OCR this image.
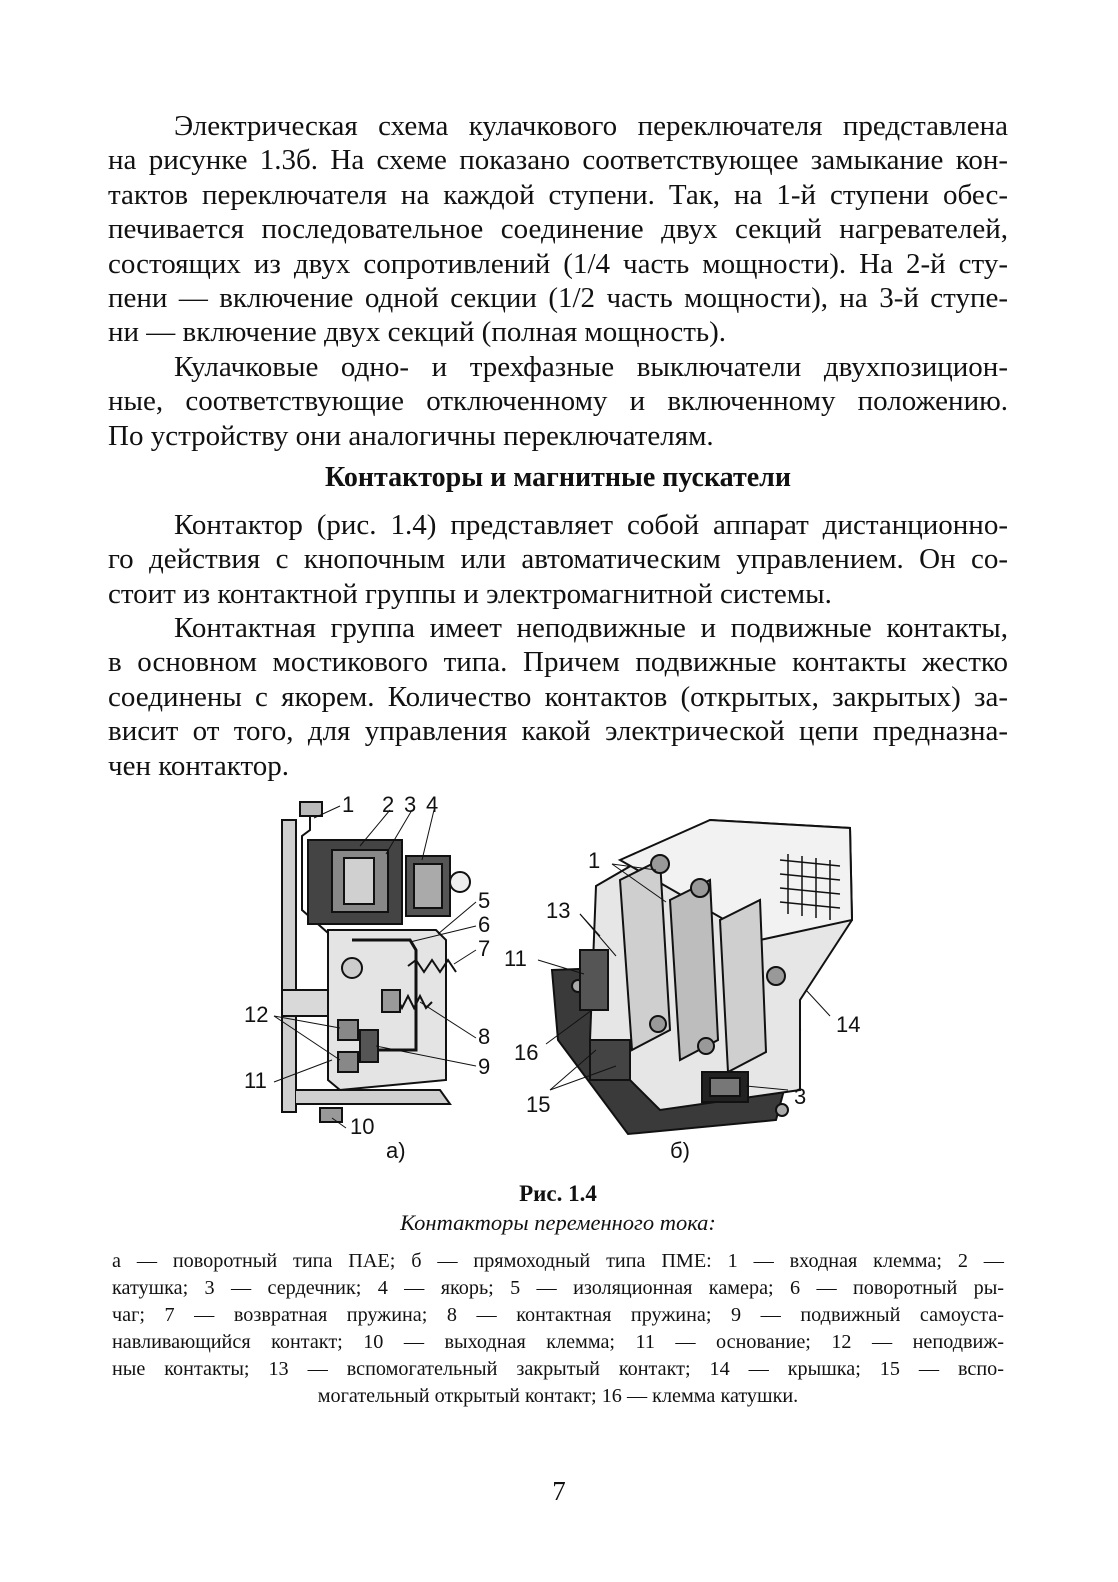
Электрическая схема кулачкового переключателя представлена
на рисунке 1.3б. На схеме показано соответствующее замыкание кон-
тактов переключателя на каждой ступени. Так, на 1-й ступени обес-
печивается последовательное соединение двух секций нагревателей,
состоящих из двух сопротивлений (1/4 часть мощности). На 2-й сту-
пени — включение одной секции (1/2 часть мощности), на 3-й ступе-
ни — включение двух секций (полная мощность).
Кулачковые одно- и трехфазные выключатели двухпозицион-
ные, соответствующие отключенному и включенному положению.
По устройству они аналогичны переключателям.
Контакторы и магнитные пускатели
Контактор (рис. 1.4) представляет собой аппарат дистанционно-
го действия с кнопочным или автоматическим управлением. Он со-
стоит из контактной группы и электромагнитной системы.
Контактная группа имеет неподвижные и подвижные контакты,
в основном мостикового типа. Причем подвижные контакты жестко
соединены с якорем. Количество контактов (открытых, закрытых) за-
висит от того, для управления какой электрической цепи предназна-
чен контактор.
1 2 3 4
5
6
7
8
9
10
11
12
а)
1
13
11
14
16
15	3
б)

Рис. 1.4

Контакторы переменного тока:

а — поворотный типа ПАЕ; б — прямоходный типа ПМЕ: 1 — входная клемма; 2 —
катушка; 3 — сердечник; 4 — якорь; 5 — изоляционная камера; 6 — поворотный ры-
чаг; 7 — возвратная пружина; 8 — контактная пружина; 9 — подвижный самоуста-
навливающийся контакт; 10 — выходная клемма; 11 — основание; 12 — неподвиж-
ные контакты; 13 — вспомогательный закрытый контакт; 14 — крышка; 15 — вспо-
могательный открытый контакт; 16 — клемма катушки.

7
